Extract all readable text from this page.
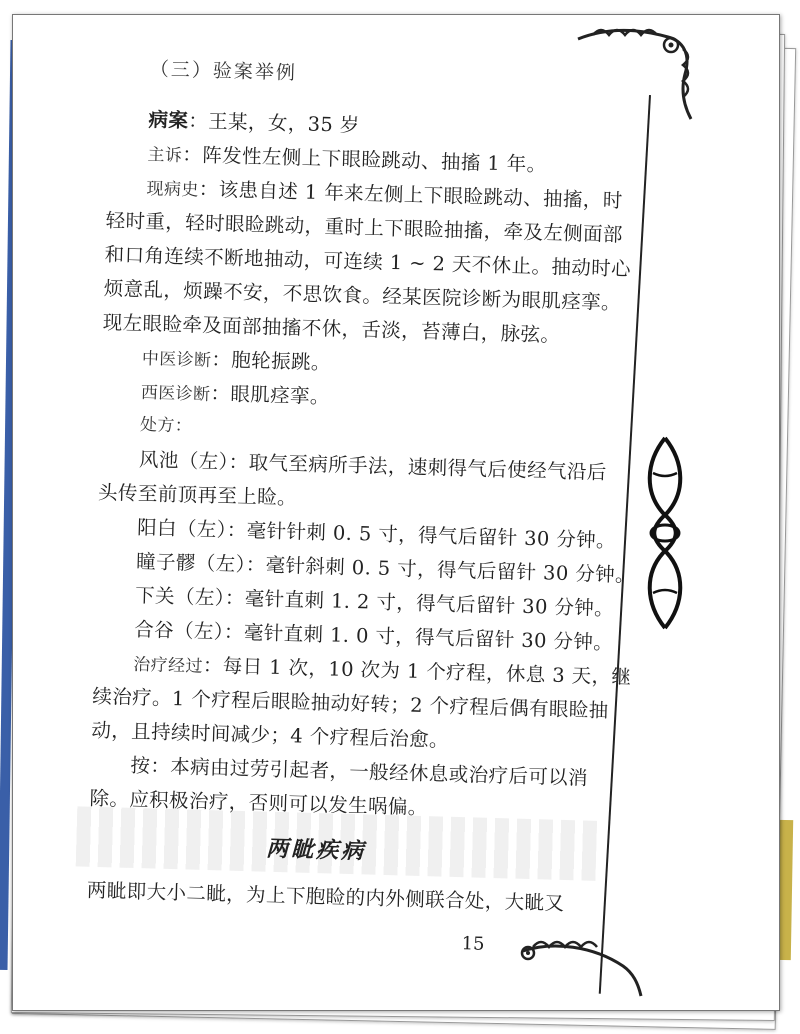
（三）验案举例
病案：王某，女，35 岁
主诉：阵发性左侧上下眼睑跳动、抽搐 1 年。
现病史：该患自述 1 年来左侧上下眼睑跳动、抽搐，时
轻时重，轻时眼睑跳动，重时上下眼睑抽搐，牵及左侧面部
和口角连续不断地抽动，可连续 1 ~ 2 天不休止。抽动时心
烦意乱，烦躁不安，不思饮食。经某医院诊断为眼肌痉挛。
现左眼睑牵及面部抽搐不休，舌淡，苔薄白，脉弦。
中医诊断：胞轮振跳。
西医诊断：眼肌痉挛。
处方：
风池（左）：取气至病所手法，速刺得气后使经气沿后
头传至前顶再至上睑。
阳白（左）：毫针针刺 0. 5 寸，得气后留针 30 分钟。
瞳子髎（左）：毫针斜刺 0. 5 寸，得气后留针 30 分钟。
下关（左）：毫针直刺 1. 2 寸，得气后留针 30 分钟。
合谷（左）：毫针直刺 1. 0 寸，得气后留针 30 分钟。
治疗经过：每日 1 次，10 次为 1 个疗程，休息 3 天，继
续治疗。1 个疗程后眼睑抽动好转；2 个疗程后偶有眼睑抽
动，且持续时间减少；4 个疗程后治愈。
按：本病由过劳引起者，一般经休息或治疗后可以消
除。应积极治疗，否则可以发生㖞偏。
两眦疾病
两眦即大小二眦，为上下胞睑的内外侧联合处，大眦又
15
